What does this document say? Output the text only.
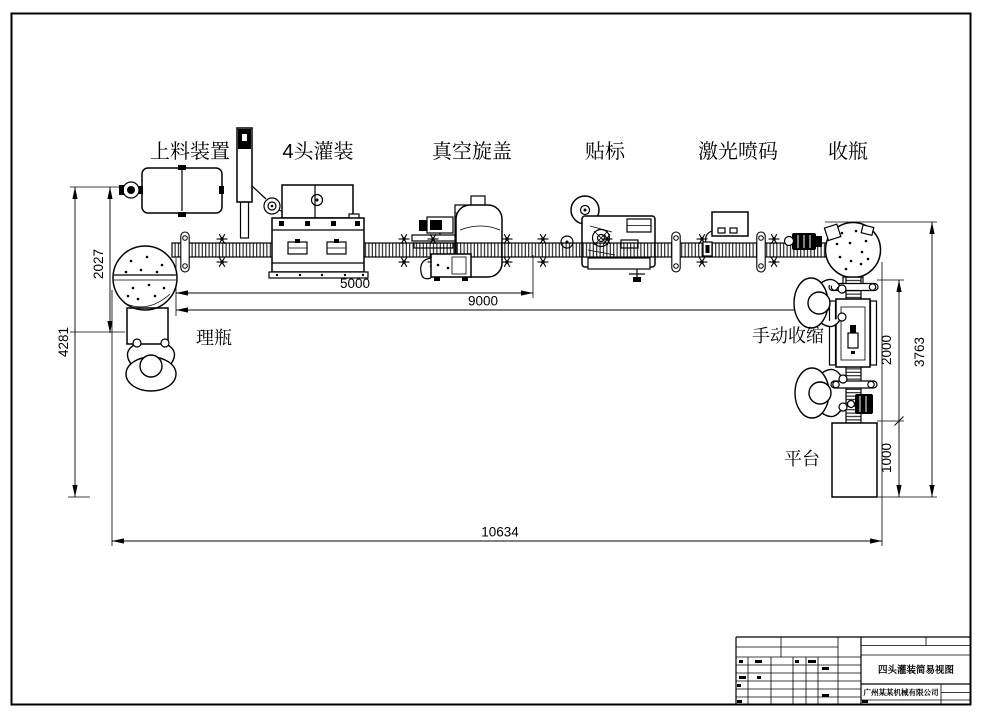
上料装置	4头灌装	真空旋盖	贴标	激光喷码	收瓶
理瓶	手动收缩
平台
5000
9000
10634
2027
4281	2000
1000
3763
四头灌装简易视图
广州某某机械有限公司
